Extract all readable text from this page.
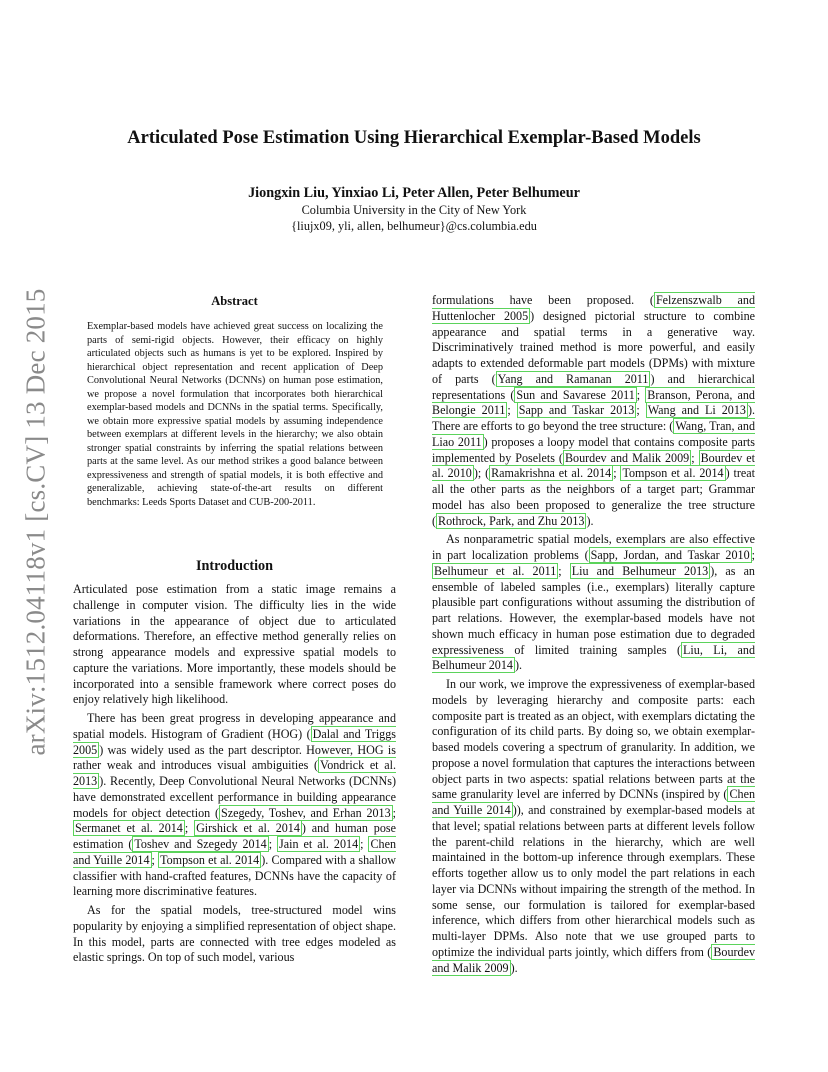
arXiv:1512.04118v1 [cs.CV] 13 Dec 2015
Articulated Pose Estimation Using Hierarchical Exemplar-Based Models
Jiongxin Liu, Yinxiao Li, Peter Allen, Peter Belhumeur
Columbia University in the City of New York
{liujx09, yli, allen, belhumeur}@cs.columbia.edu
Abstract
Exemplar-based models have achieved great success on localizing the parts of semi-rigid objects. However, their efficacy on highly articulated objects such as humans is yet to be explored. Inspired by hierarchical object representation and recent application of Deep Convolutional Neural Networks (DCNNs) on human pose estimation, we propose a novel formulation that incorporates both hierarchical exemplar-based models and DCNNs in the spatial terms. Specifically, we obtain more expressive spatial models by assuming independence between exemplars at different levels in the hierarchy; we also obtain stronger spatial constraints by inferring the spatial relations between parts at the same level. As our method strikes a good balance between expressiveness and strength of spatial models, it is both effective and generalizable, achieving state-of-the-art results on different benchmarks: Leeds Sports Dataset and CUB-200-2011.
Introduction

Articulated pose estimation from a static image remains a challenge in computer vision. The difficulty lies in the wide variations in the appearance of object due to articulated deformations. Therefore, an effective method generally relies on strong appearance models and expressive spatial models to capture the variations. More importantly, these models should be incorporated into a sensible framework where correct poses do enjoy relatively high likelihood.

There has been great progress in developing appearance and spatial models. Histogram of Gradient (HOG) ( Dalal and Triggs 2005 ) was widely used as the part descriptor. However, HOG is rather weak and introduces visual ambiguities ( Vondrick et al. 2013 ). Recently, Deep Convolutional Neural Networks (DCNNs) have demonstrated excellent performance in building appearance models for object detection ( Szegedy, Toshev, and Erhan 2013 ; Sermanet et al. 2014 ; Girshick et al. 2014 ) and human pose estimation ( Toshev and Szegedy 2014 ; Jain et al. 2014 ; Chen and Yuille 2014 ; Tompson et al. 2014 ). Compared with a shallow classifier with hand-crafted features, DCNNs have the capacity of learning more discriminative features.

As for the spatial models, tree-structured model wins popularity by enjoying a simplified representation of object shape. In this model, parts are connected with tree edges modeled as elastic springs. On top of such model, various

formulations have been proposed. ( Felzenszwalb and Huttenlocher 2005 ) designed pictorial structure to combine appearance and spatial terms in a generative way. Discriminatively trained method is more powerful, and easily adapts to extended deformable part models (DPMs) with mixture of parts ( Yang and Ramanan 2011 ) and hierarchical representations ( Sun and Savarese 2011 ; Branson, Perona, and Belongie 2011 ; Sapp and Taskar 2013 ; Wang and Li 2013 ). There are efforts to go beyond the tree structure: ( Wang, Tran, and Liao 2011 ) proposes a loopy model that contains composite parts implemented by Poselets ( Bourdev and Malik 2009 ; Bourdev et al. 2010 ); ( Ramakrishna et al. 2014 ; Tompson et al. 2014 ) treat all the other parts as the neighbors of a target part; Grammar model has also been proposed to generalize the tree structure ( Rothrock, Park, and Zhu 2013 ).

As nonparametric spatial models, exemplars are also effective in part localization problems ( Sapp, Jordan, and Taskar 2010 ; Belhumeur et al. 2011 ; Liu and Belhumeur 2013 ), as an ensemble of labeled samples (i.e., exemplars) literally capture plausible part configurations without assuming the distribution of part relations. However, the exemplar-based models have not shown much efficacy in human pose estimation due to degraded expressiveness of limited training samples ( Liu, Li, and Belhumeur 2014 ).

In our work, we improve the expressiveness of exemplar-based models by leveraging hierarchy and composite parts: each composite part is treated as an object, with exemplars dictating the configuration of its child parts. By doing so, we obtain exemplar-based models covering a spectrum of granularity. In addition, we propose a novel formulation that captures the interactions between object parts in two aspects: spatial relations between parts at the same granularity level are inferred by DCNNs (inspired by ( Chen and Yuille 2014 )), and constrained by exemplar-based models at that level; spatial relations between parts at different levels follow the parent-child relations in the hierarchy, which are well maintained in the bottom-up inference through exemplars. These efforts together allow us to only model the part relations in each layer via DCNNs without impairing the strength of the method. In some sense, our formulation is tailored for exemplar-based inference, which differs from other hierarchical models such as multi-layer DPMs. Also note that we use grouped parts to optimize the individual parts jointly, which differs from ( Bourdev and Malik 2009 ).
